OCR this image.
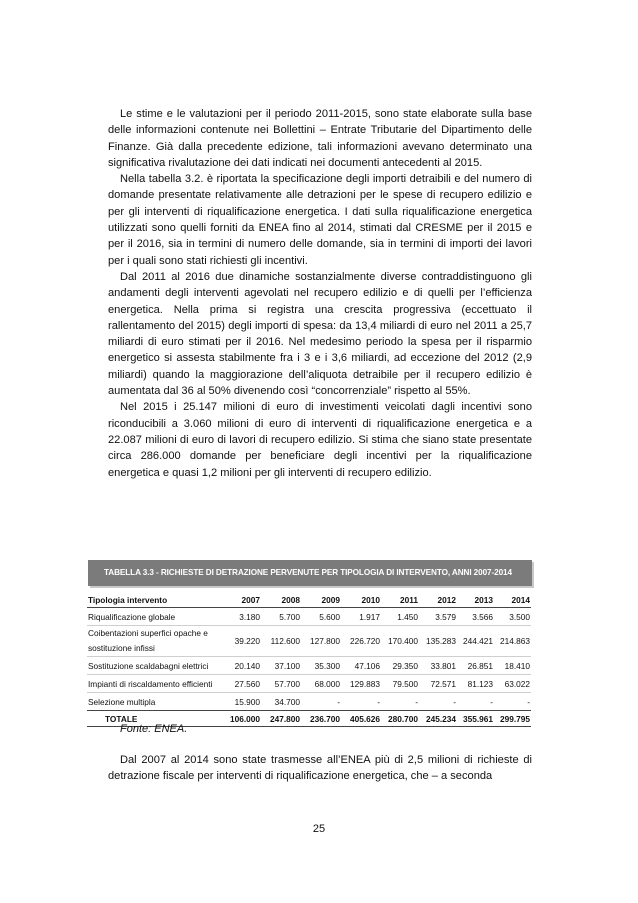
Le stime e le valutazioni per il periodo 2011-2015, sono state elaborate sulla base delle informazioni contenute nei Bollettini – Entrate Tributarie del Dipartimento delle Finanze. Già dalla precedente edizione, tali informazioni avevano determinato una significativa rivalutazione dei dati indicati nei documenti antecedenti al 2015.

Nella tabella 3.2. è riportata la specificazione degli importi detraibili e del numero di domande presentate relativamente alle detrazioni per le spese di recupero edilizio e per gli interventi di riqualificazione energetica. I dati sulla riqualificazione energetica utilizzati sono quelli forniti da ENEA fino al 2014, stimati dal CRESME per il 2015 e per il 2016, sia in termini di numero delle domande, sia in termini di importi dei lavori per i quali sono stati richiesti gli incentivi.

Dal 2011 al 2016 due dinamiche sostanzialmente diverse contraddistinguono gli andamenti degli interventi agevolati nel recupero edilizio e di quelli per l’efficienza energetica. Nella prima si registra una crescita progressiva (eccettuato il rallentamento del 2015) degli importi di spesa: da 13,4 miliardi di euro nel 2011 a 25,7 miliardi di euro stimati per il 2016. Nel medesimo periodo la spesa per il risparmio energetico si assesta stabilmente fra i 3 e i 3,6 miliardi, ad eccezione del 2012 (2,9 miliardi) quando la maggiorazione dell’aliquota detraibile per il recupero edilizio è aumentata dal 36 al 50% divenendo così “concorrenziale” rispetto al 55%.

Nel 2015 i 25.147 milioni di euro di investimenti veicolati dagli incentivi sono riconducibili a 3.060 milioni di euro di interventi di riqualificazione energetica e a 22.087 milioni di euro di lavori di recupero edilizio. Si stima che siano state presentate circa 286.000 domande per beneficiare degli incentivi per la riqualificazione energetica e quasi 1,2 milioni per gli interventi di recupero edilizio.

TABELLA 3.3 - RICHIESTE DI DETRAZIONE PERVENUTE PER TIPOLOGIA DI INTERVENTO, ANNI 2007-2014
Tipologia intervento	2007	2008	2009	2010	2011	2012	2013	2014
Riqualificazione globale	3.180	5.700	5.600	1.917	1.450	3.579	3.566	3.500
Coibentazioni superfici opache e
sostituzione infissi	39.220	112.600	127.800	226.720	170.400	135.283	244.421	214.863
Sostituzione scaldabagni elettrici	20.140	37.100	35.300	47.106	29.350	33.801	26.851	18.410
Impianti di riscaldamento efficienti	27.560	57.700	68.000	129.883	79.500	72.571	81.123	63.022
Selezione multipla	15.900	34.700	-	-	-	-	-	-
TOTALE	106.000	247.800	236.700	405.626	280.700	245.234	355.961	299.795
Fonte: ENEA.

Dal 2007 al 2014 sono state trasmesse all’ENEA più di 2,5 milioni di richieste di detrazione fiscale per interventi di riqualificazione energetica, che – a seconda

25
